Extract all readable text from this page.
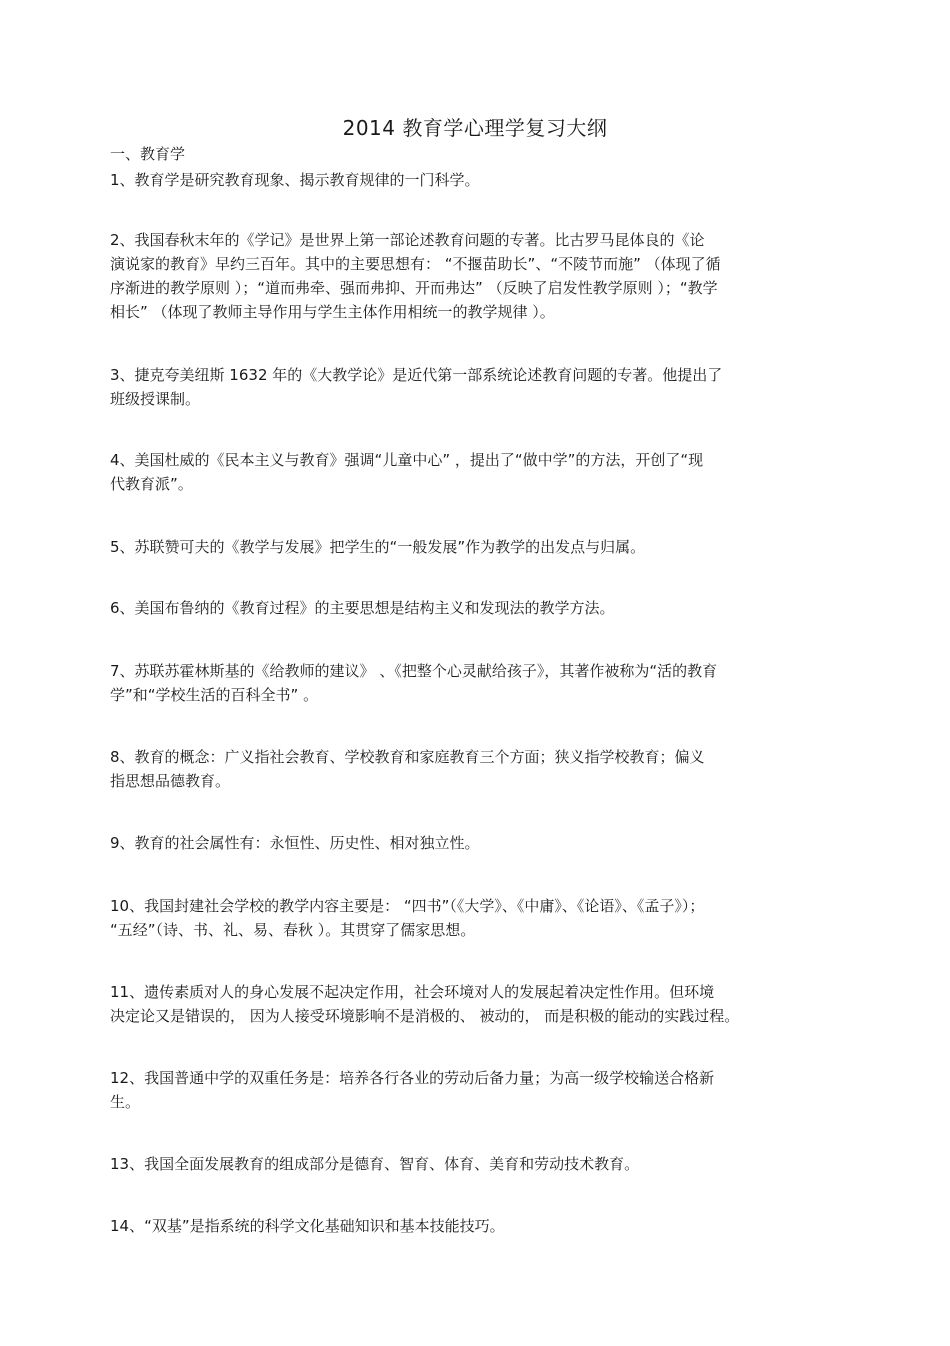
2014 教育学心理学复习大纲
一、教育学
1、教育学是研究教育现象、揭示教育规律的一门科学。
2、我国春秋末年的《学记》是世界上第一部论述教育问题的专著。比古罗马昆体良的《论
演说家的教育》早约三百年。其中的主要思想有： “不揠苗助长”、“不陵节而施” （体现了循
序渐进的教学原则 ）；“道而弗牵、强而弗抑、开而弗达” （反映了启发性教学原则 ）；“教学
相长” （体现了教师主导作用与学生主体作用相统一的教学规律 ）。
3、捷克夸美纽斯 1632 年的《大教学论》是近代第一部系统论述教育问题的专著。他提出了
班级授课制。
4、美国杜威的《民本主义与教育》强调“儿童中心” ，提出了“做中学”的方法，开创了“现
代教育派”。
5、苏联赞可夫的《教学与发展》把学生的“一般发展”作为教学的出发点与归属。
6、美国布鲁纳的《教育过程》的主要思想是结构主义和发现法的教学方法。
7、苏联苏霍林斯基的《给教师的建议》 、《把整个心灵献给孩子》，其著作被称为“活的教育
学”和“学校生活的百科全书” 。
8、教育的概念：广义指社会教育、学校教育和家庭教育三个方面；狭义指学校教育；偏义
指思想品德教育。
9、教育的社会属性有：永恒性、历史性、相对独立性。
10、我国封建社会学校的教学内容主要是： “四书”（《大学》、《中庸》、《论语》、《孟子》）；
“五经”（诗、书、礼、易、春秋 ）。其贯穿了儒家思想。
11、遗传素质对人的身心发展不起决定作用，社会环境对人的发展起着决定性作用。但环境
决定论又是错误的， 因为人接受环境影响不是消极的、 被动的， 而是积极的能动的实践过程。
12、我国普通中学的双重任务是：培养各行各业的劳动后备力量；为高一级学校输送合格新
生。
13、我国全面发展教育的组成部分是德育、智育、体育、美育和劳动技术教育。
14、“双基”是指系统的科学文化基础知识和基本技能技巧。
